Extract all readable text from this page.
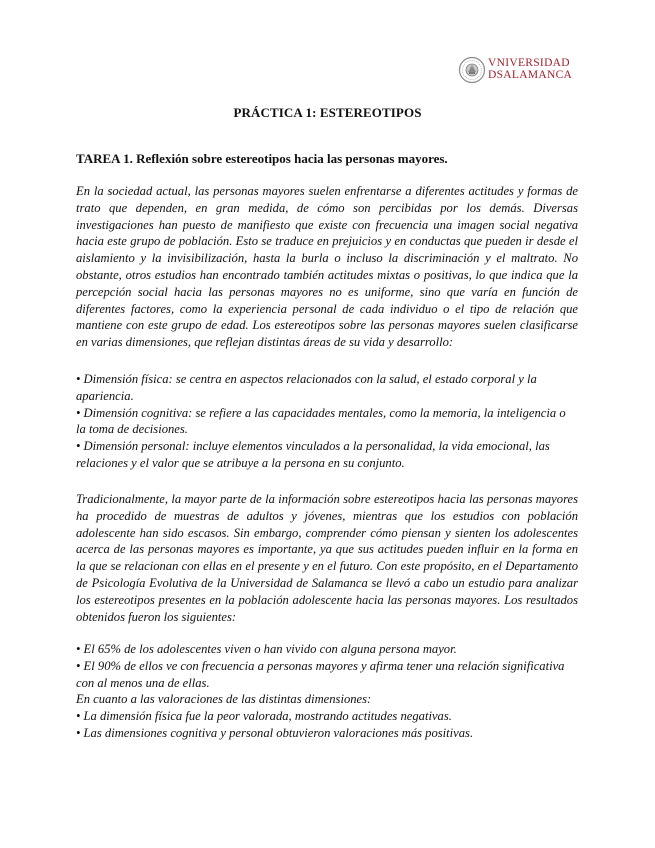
VNIVERSIDAD
DSALAMANCA
PRÁCTICA 1: ESTEREOTIPOS
TAREA 1. Reflexión sobre estereotipos hacia las personas mayores.
En la sociedad actual, las personas mayores suelen enfrentarse a diferentes actitudes y formas de trato que dependen, en gran medida, de cómo son percibidas por los demás. Diversas investigaciones han puesto de manifiesto que existe con frecuencia una imagen social negativa hacia este grupo de población. Esto se traduce en prejuicios y en conductas que pueden ir desde el aislamiento y la invisibilización, hasta la burla o incluso la discriminación y el maltrato. No obstante, otros estudios han encontrado también actitudes mixtas o positivas, lo que indica que la percepción social hacia las personas mayores no es uniforme, sino que varía en función de diferentes factores, como la experiencia personal de cada individuo o el tipo de relación que mantiene con este grupo de edad. Los estereotipos sobre las personas mayores suelen clasificarse en varias dimensiones, que reflejan distintas áreas de su vida y desarrollo:
• Dimensión física: se centra en aspectos relacionados con la salud, el estado corporal y la apariencia.
• Dimensión cognitiva: se refiere a las capacidades mentales, como la memoria, la inteligencia o la toma de decisiones.
• Dimensión personal: incluye elementos vinculados a la personalidad, la vida emocional, las relaciones y el valor que se atribuye a la persona en su conjunto.
Tradicionalmente, la mayor parte de la información sobre estereotipos hacia las personas mayores ha procedido de muestras de adultos y jóvenes, mientras que los estudios con población adolescente han sido escasos. Sin embargo, comprender cómo piensan y sienten los adolescentes acerca de las personas mayores es importante, ya que sus actitudes pueden influir en la forma en la que se relacionan con ellas en el presente y en el futuro. Con este propósito, en el Departamento de Psicología Evolutiva de la Universidad de Salamanca se llevó a cabo un estudio para analizar los estereotipos presentes en la población adolescente hacia las personas mayores. Los resultados obtenidos fueron los siguientes:
• El 65% de los adolescentes viven o han vivido con alguna persona mayor.
• El 90% de ellos ve con frecuencia a personas mayores y afirma tener una relación significativa con al menos una de ellas.
En cuanto a las valoraciones de las distintas dimensiones:
• La dimensión física fue la peor valorada, mostrando actitudes negativas.
• Las dimensiones cognitiva y personal obtuvieron valoraciones más positivas.
